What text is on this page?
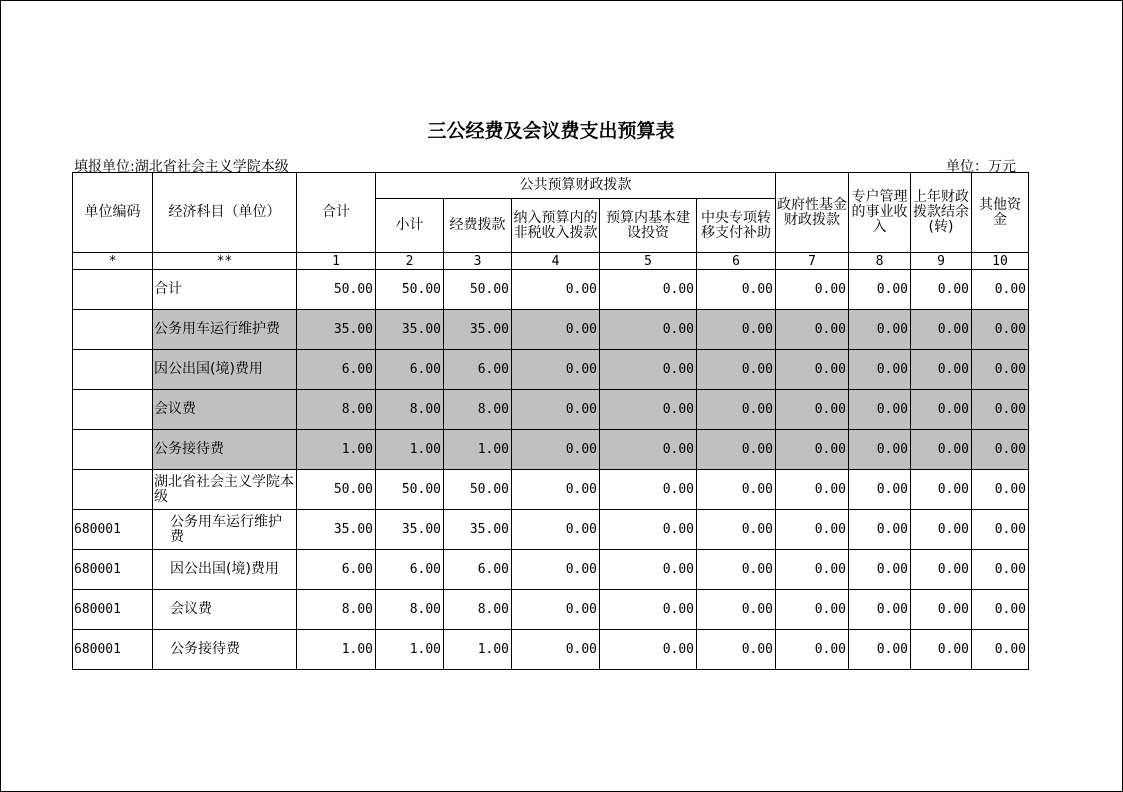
三公经费及会议费支出预算表
填报单位:湖北省社会主义学院本级	单位：万元
单位编码	经济科目（单位）	合计	公共预算财政拨款					政府性基金财政拨款	专户管理的事业收入	上年财政拨款结余(转)	其他资金
			小计	经费拨款	纳入预算内的非税收入拨款	预算内基本建设投资	中央专项转移支付补助				
*	**	1	2	3	4	5	6	7	8	9	10
	合计	50.00	50.00	50.00	0.00	0.00	0.00	0.00	0.00	0.00	0.00
	公务用车运行维护费	35.00	35.00	35.00	0.00	0.00	0.00	0.00	0.00	0.00	0.00
	因公出国(境)费用	6.00	6.00	6.00	0.00	0.00	0.00	0.00	0.00	0.00	0.00
	会议费	8.00	8.00	8.00	0.00	0.00	0.00	0.00	0.00	0.00	0.00
	公务接待费	1.00	1.00	1.00	0.00	0.00	0.00	0.00	0.00	0.00	0.00
	湖北省社会主义学院本级	50.00	50.00	50.00	0.00	0.00	0.00	0.00	0.00	0.00	0.00
680001	公务用车运行维护费	35.00	35.00	35.00	0.00	0.00	0.00	0.00	0.00	0.00	0.00
680001	因公出国(境)费用	6.00	6.00	6.00	0.00	0.00	0.00	0.00	0.00	0.00	0.00
680001	会议费	8.00	8.00	8.00	0.00	0.00	0.00	0.00	0.00	0.00	0.00
680001	公务接待费	1.00	1.00	1.00	0.00	0.00	0.00	0.00	0.00	0.00	0.00
